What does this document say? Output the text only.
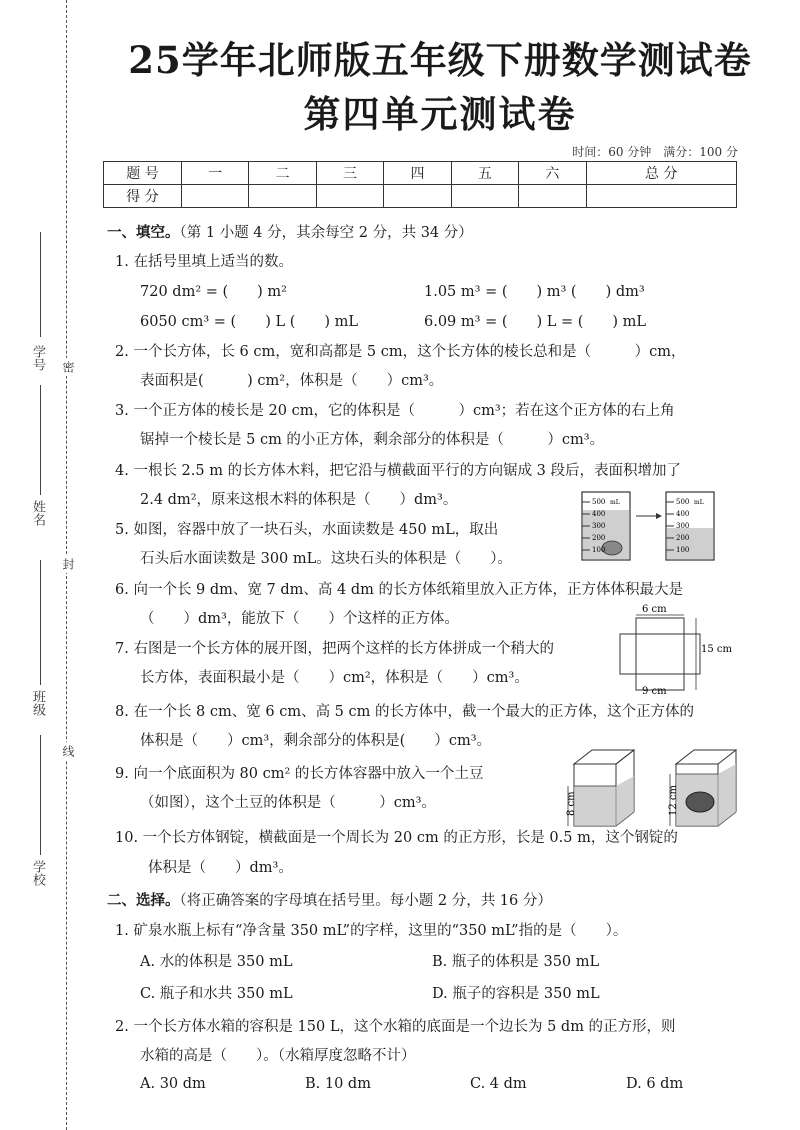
学号
姓名
班级
学校
密
封
线
25学年北师版五年级下册数学测试卷
第四单元测试卷
时间：60 分钟　满分：100 分
题 号	一	二	三	四	五	六	总 分
得 分							
一、填空。（第 1 小题 4 分，其余每空 2 分，共 34 分）
1. 在括号里填上适当的数。
720 dm² = (　　) m²	1.05 m³ = (　　) m³ (　　) dm³
6050 cm³ = (　　) L (　　) mL	6.09 m³ = (　　) L = (　　) mL
2. 一个长方体，长 6 cm，宽和高都是 5 cm，这个长方体的棱长总和是（　　　）cm，
表面积是(　　　) cm²，体积是（　　）cm³。
3. 一个正方体的棱长是 20 cm，它的体积是（　　　）cm³；若在这个正方体的右上角
锯掉一个棱长是 5 cm 的小正方体，剩余部分的体积是（　　　）cm³。
4. 一根长 2.5 m 的长方体木料，把它沿与横截面平行的方向锯成 3 段后，表面积增加了
2.4 dm²，原来这根木料的体积是（　　）dm³。
5. 如图，容器中放了一块石头，水面读数是 450 mL，取出
石头后水面读数是 300 mL。这块石头的体积是（　　）。
500
400
300
200
100
mL	500
400
300
200
100
mL
6. 向一个长 9 dm、宽 7 dm、高 4 dm 的长方体纸箱里放入正方体，正方体体积最大是
（　　）dm³，能放下（　　）个这样的正方体。
6 cm
15 cm
9 cm
7. 右图是一个长方体的展开图，把两个这样的长方体拼成一个稍大的
长方体，表面积最小是（　　）cm²，体积是（　　）cm³。
8. 在一个长 8 cm、宽 6 cm、高 5 cm 的长方体中，截一个最大的正方体，这个正方体的
体积是（　　）cm³，剩余部分的体积是(　　）cm³。
8 cm	12 cm
9. 向一个底面积为 80 cm² 的长方体容器中放入一个土豆
（如图），这个土豆的体积是（　　　）cm³。
10. 一个长方体钢锭，横截面是一个周长为 20 cm 的正方形，长是 0.5 m，这个钢锭的
体积是（　　）dm³。
二、选择。（将正确答案的字母填在括号里。每小题 2 分，共 16 分）
1. 矿泉水瓶上标有“净含量 350 mL”的字样，这里的“350 mL”指的是（　　）。
A. 水的体积是 350 mL	B. 瓶子的体积是 350 mL
C. 瓶子和水共 350 mL	D. 瓶子的容积是 350 mL
2. 一个长方体水箱的容积是 150 L，这个水箱的底面是一个边长为 5 dm 的正方形，则
水箱的高是（　　）。（水箱厚度忽略不计）
A. 30 dm	B. 10 dm	C. 4 dm	D. 6 dm
